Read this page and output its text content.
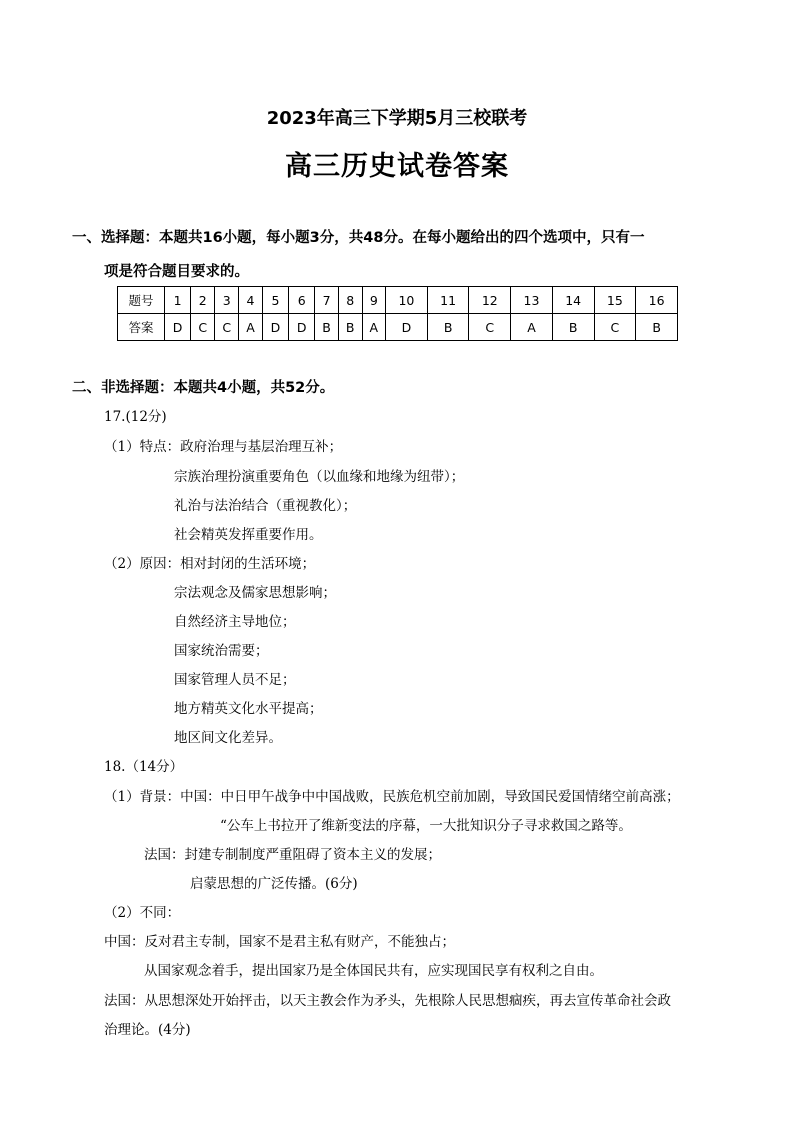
2023年高三下学期5月三校联考
高三历史试卷答案
一、选择题：本题共16小题，每小题3分，共48分。在每小题给出的四个选项中，只有一
项是符合题目要求的。
题号	1	2	3	4	5	6	7	8	9	10	11	12	13	14	15	16
答案	D	C	C	A	D	D	B	B	A	D	B	C	A	B	C	B
二、非选择题：本题共4小题，共52分。
17.(12分)
（1）特点：政府治理与基层治理互补；
宗族治理扮演重要角色（以血缘和地缘为纽带）；
礼治与法治结合（重视教化）；
社会精英发挥重要作用。
（2）原因：相对封闭的生活环境；
宗法观念及儒家思想影响；
自然经济主导地位；
国家统治需要；
国家管理人员不足；
地方精英文化水平提高；
地区间文化差异。
18.（14分）
（1）背景：中国：中日甲午战争中中国战败，民族危机空前加剧，导致国民爱国情绪空前高涨；
“公车上书拉开了维新变法的序幕，一大批知识分子寻求救国之路等。
法国：封建专制制度严重阻碍了资本主义的发展；
启蒙思想的广泛传播。(6分)
（2）不同：
中国：反对君主专制，国家不是君主私有财产，不能独占；
从国家观念着手，提出国家乃是全体国民共有，应实现国民享有权利之自由。
法国：从思想深处开始抨击，以天主教会作为矛头，先根除人民思想痼疾，再去宣传革命社会政
治理论。(4分)
